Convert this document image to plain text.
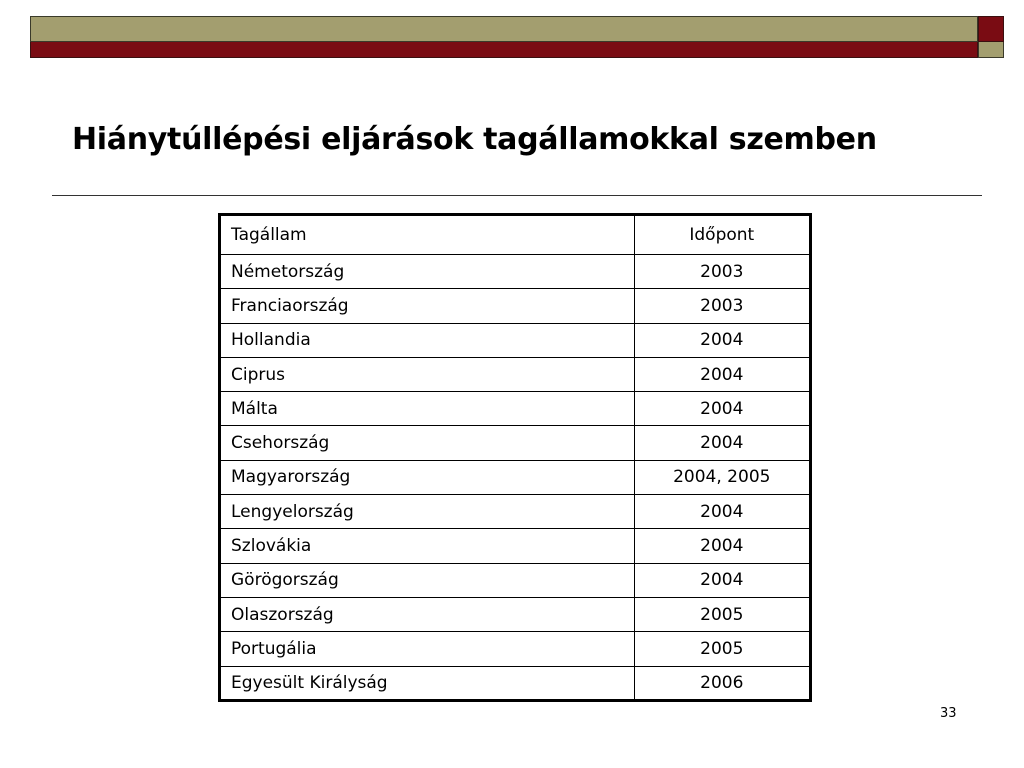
Hiánytúllépési eljárások tagállamokkal szemben
Tagállam	Időpont
Németország	2003
Franciaország	2003
Hollandia	2004
Ciprus	2004
Málta	2004
Csehország	2004
Magyarország	2004, 2005
Lengyelország	2004
Szlovákia	2004
Görögország	2004
Olaszország	2005
Portugália	2005
Egyesült Királyság	2006
33
